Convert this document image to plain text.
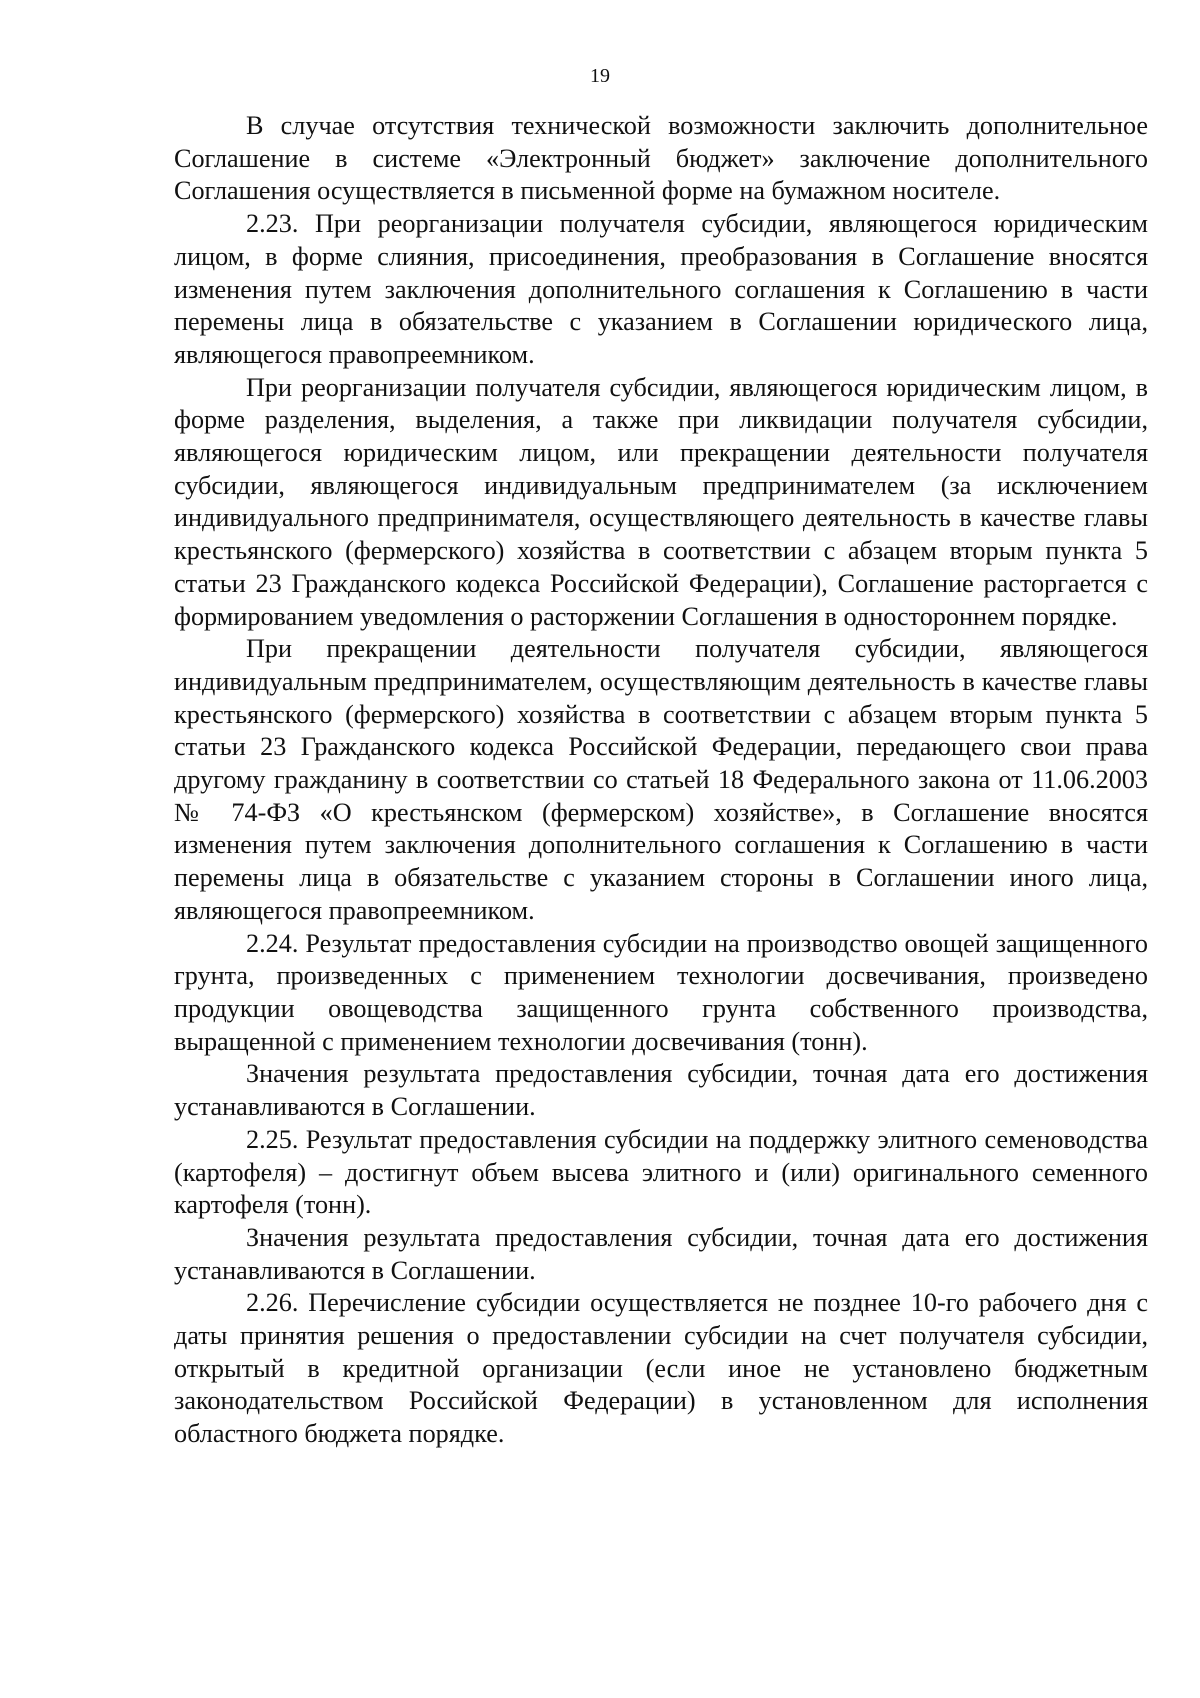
19

В случае отсутствия технической возможности заключить дополнительное Соглашение в системе «Электронный бюджет» заключение дополнительного Соглашения осуществляется в письменной форме на бумажном носителе.

2.23. При реорганизации получателя субсидии, являющегося юридическим лицом, в форме слияния, присоединения, преобразования в Соглашение вносятся изменения путем заключения дополнительного соглашения к Соглашению в части перемены лица в обязательстве с указанием в Соглашении юридического лица, являющегося правопреемником.

При реорганизации получателя субсидии, являющегося юридическим лицом, в форме разделения, выделения, а также при ликвидации получателя субсидии, являющегося юридическим лицом, или прекращении деятельности получателя субсидии, являющегося индивидуальным предпринимателем (за исключением индивидуального предпринимателя, осуществляющего деятельность в качестве главы крестьянского (фермерского) хозяйства в соответствии с абзацем вторым пункта 5 статьи 23 Гражданского кодекса Российской Федерации), Соглашение расторгается с формированием уведомления о расторжении Соглашения в одностороннем порядке.

При прекращении деятельности получателя субсидии, являющегося индивидуальным предпринимателем, осуществляющим деятельность в качестве главы крестьянского (фермерского) хозяйства в соответствии с абзацем вторым пункта 5 статьи 23 Гражданского кодекса Российской Федерации, передающего свои права другому гражданину в соответствии со статьей 18 Федерального закона от 11.06.2003 № 74-ФЗ «О крестьянском (фермерском) хозяйстве», в Соглашение вносятся изменения путем заключения дополнительного соглашения к Соглашению в части перемены лица в обязательстве с указанием стороны в Соглашении иного лица, являющегося правопреемником.

2.24. Результат предоставления субсидии на производство овощей защищенного грунта, произведенных с применением технологии досвечивания, произведено продукции овощеводства защищенного грунта собственного производства, выращенной с применением технологии досвечивания (тонн).

Значения результата предоставления субсидии, точная дата его достижения устанавливаются в Соглашении.

2.25. Результат предоставления субсидии на поддержку элитного семеноводства (картофеля) – достигнут объем высева элитного и (или) оригинального семенного картофеля (тонн).

Значения результата предоставления субсидии, точная дата его достижения устанавливаются в Соглашении.

2.26. Перечисление субсидии осуществляется не позднее 10-го рабочего дня с даты принятия решения о предоставлении субсидии на счет получателя субсидии, открытый в кредитной организации (если иное не установлено бюджетным законодательством Российской Федерации) в установленном для исполнения областного бюджета порядке.
